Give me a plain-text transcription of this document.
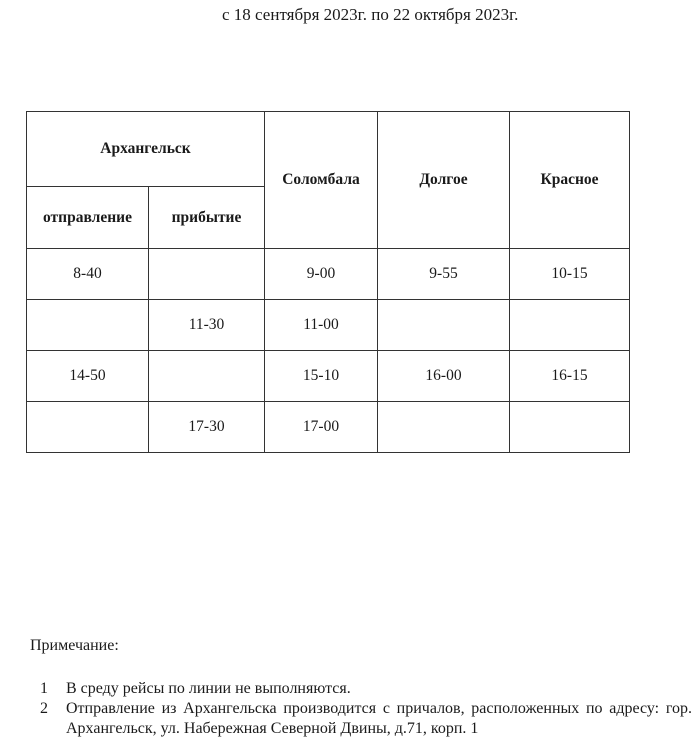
с 18 сентября 2023г. по 22 октября 2023г.
Архангельск		Соломбала	Долгое	Красное
отправление	прибытие			
8-40		9-00	9-55	10-15
	11-30	11-00		
14-50		15-10	16-00	16-15
	17-30	17-00		
Примечание:
1 В среду рейсы по линии не выполняются.
2 Отправление из Архангельска производится с причалов, расположенных по адресу: гор. Архангельск, ул. Набережная Северной Двины, д.71, корп. 1
